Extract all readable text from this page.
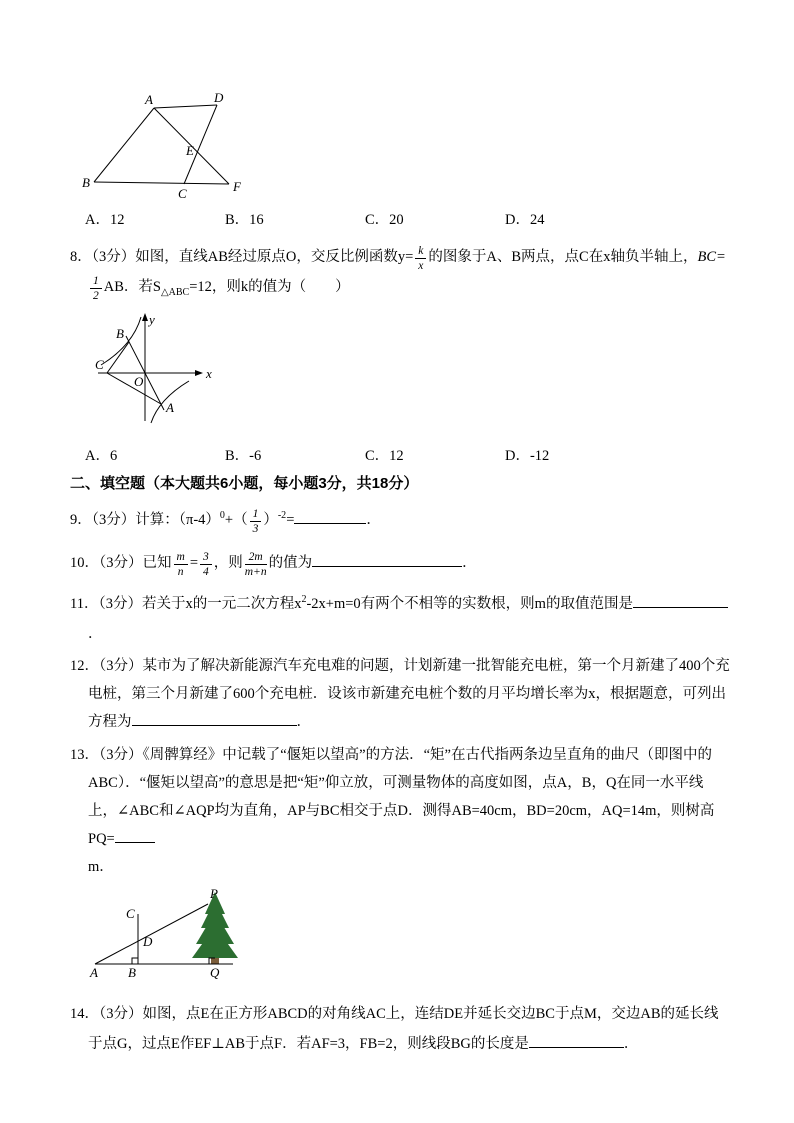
A	D
B
C	F
E
A．12	B．16	C．20	D．24
8．（3分）如图，直线AB经过原点O，交反比例函数$y= \frac{k}{x}$ 的图象于A、B两点，点C在x轴负半轴上，BC=
$\frac{1}{2}$ AB．若$S_{\triangle ABC}=12$，则k的值为（　　）
y
x
B
C
O
A
A．6	B．-6	C．12	D．-12
二、填空题（本大题共6小题，每小题3分，共18分）
9．（3分）计算：$(\pi-4)^0+( \frac{1}{3} )^{-2}=$	．
10．（3分）已知 $\frac{m}{n} = \frac{3}{4}$ ，则 $\frac{2m}{m+n}$ 的值为	．
11．（3分）若关于x的一元二次方程$x^2-2x+m=0$有两个不相等的实数根，则m的取值范围是
．
12．（3分）某市为了解决新能源汽车充电难的问题，计划新建一批智能充电桩，第一个月新建了400个充电桩，第三个月新建了600个充电桩．设该市新建充电桩个数的月平均增长率为x，根据题意，可列出方程为	．
13．（3分）《周髀算经》中记载了“偃矩以望高”的方法．“矩”在古代指两条边呈直角的曲尺（即图中的ABC）．“偃矩以望高”的意思是把“矩”仰立放，可测量物体的高度如图，点A，B，Q在同一水平线上，∠ABC和∠AQP均为直角，AP与BC相交于点D．测得AB=40cm，BD=20cm，AQ=14m，则树高PQ=
m．
P
C
D
A B	Q
14．（3分）如图，点E在正方形ABCD的对角线AC上，连结DE并延长交边BC于点M，交边AB的延长线于点G，过点E作EF⊥AB于点F．若AF=3，FB=2，则线段BG的长度是	．
